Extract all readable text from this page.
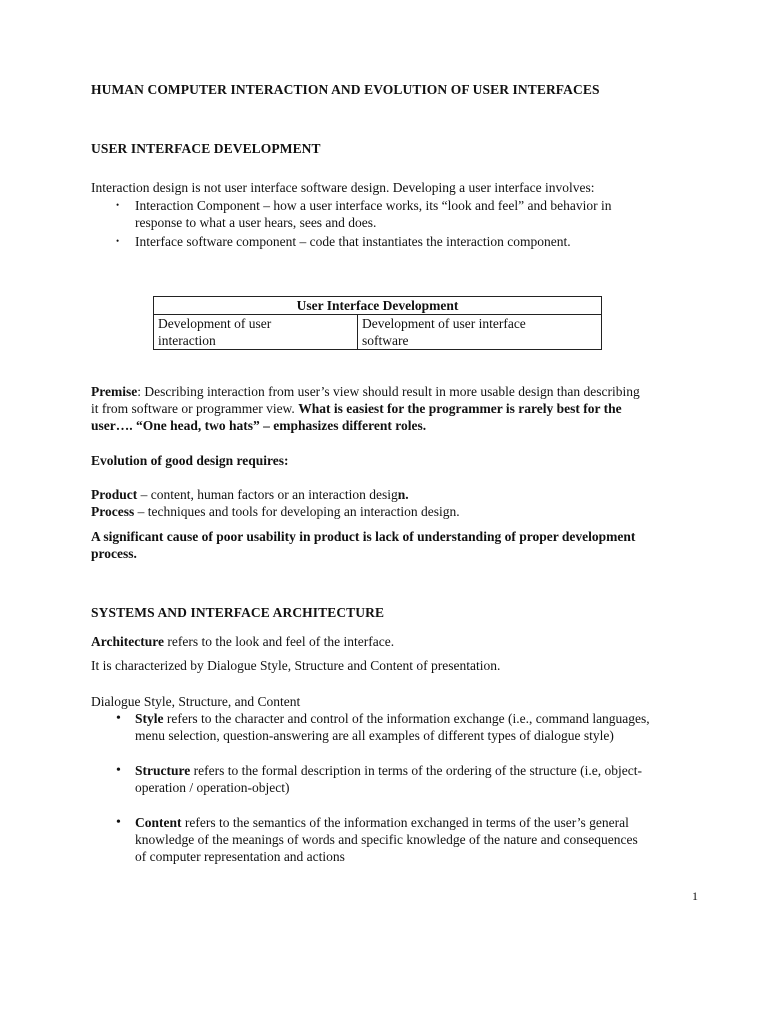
HUMAN COMPUTER INTERACTION AND EVOLUTION OF USER INTERFACES
USER INTERFACE DEVELOPMENT
Interaction design is not user interface software design. Developing a user interface involves:
• Interaction Component – how a user interface works, its “look and feel” and behavior in
response to what a user hears, sees and does.
• Interface software component – code that instantiates the interaction component.
User Interface Development

Development of user
interaction

Development of user interface
software
Premise: Describing interaction from user’s view should result in more usable design than describing
it from software or programmer view. What is easiest for the programmer is rarely best for the
user…. “One head, two hats” – emphasizes different roles.
Evolution of good design requires:
Product – content, human factors or an interaction design.
Process – techniques and tools for developing an interaction design.
A significant cause of poor usability in product is lack of understanding of proper development
process.
SYSTEMS AND INTERFACE ARCHITECTURE
Architecture refers to the look and feel of the interface.
It is characterized by Dialogue Style, Structure and Content of presentation.
Dialogue Style, Structure, and Content
• Style refers to the character and control of the information exchange (i.e., command languages,
menu selection, question-answering are all examples of different types of dialogue style)
• Structure refers to the formal description in terms of the ordering of the structure (i.e, object-
operation / operation-object)
• Content refers to the semantics of the information exchanged in terms of the user’s general
knowledge of the meanings of words and specific knowledge of the nature and consequences
of computer representation and actions
1
